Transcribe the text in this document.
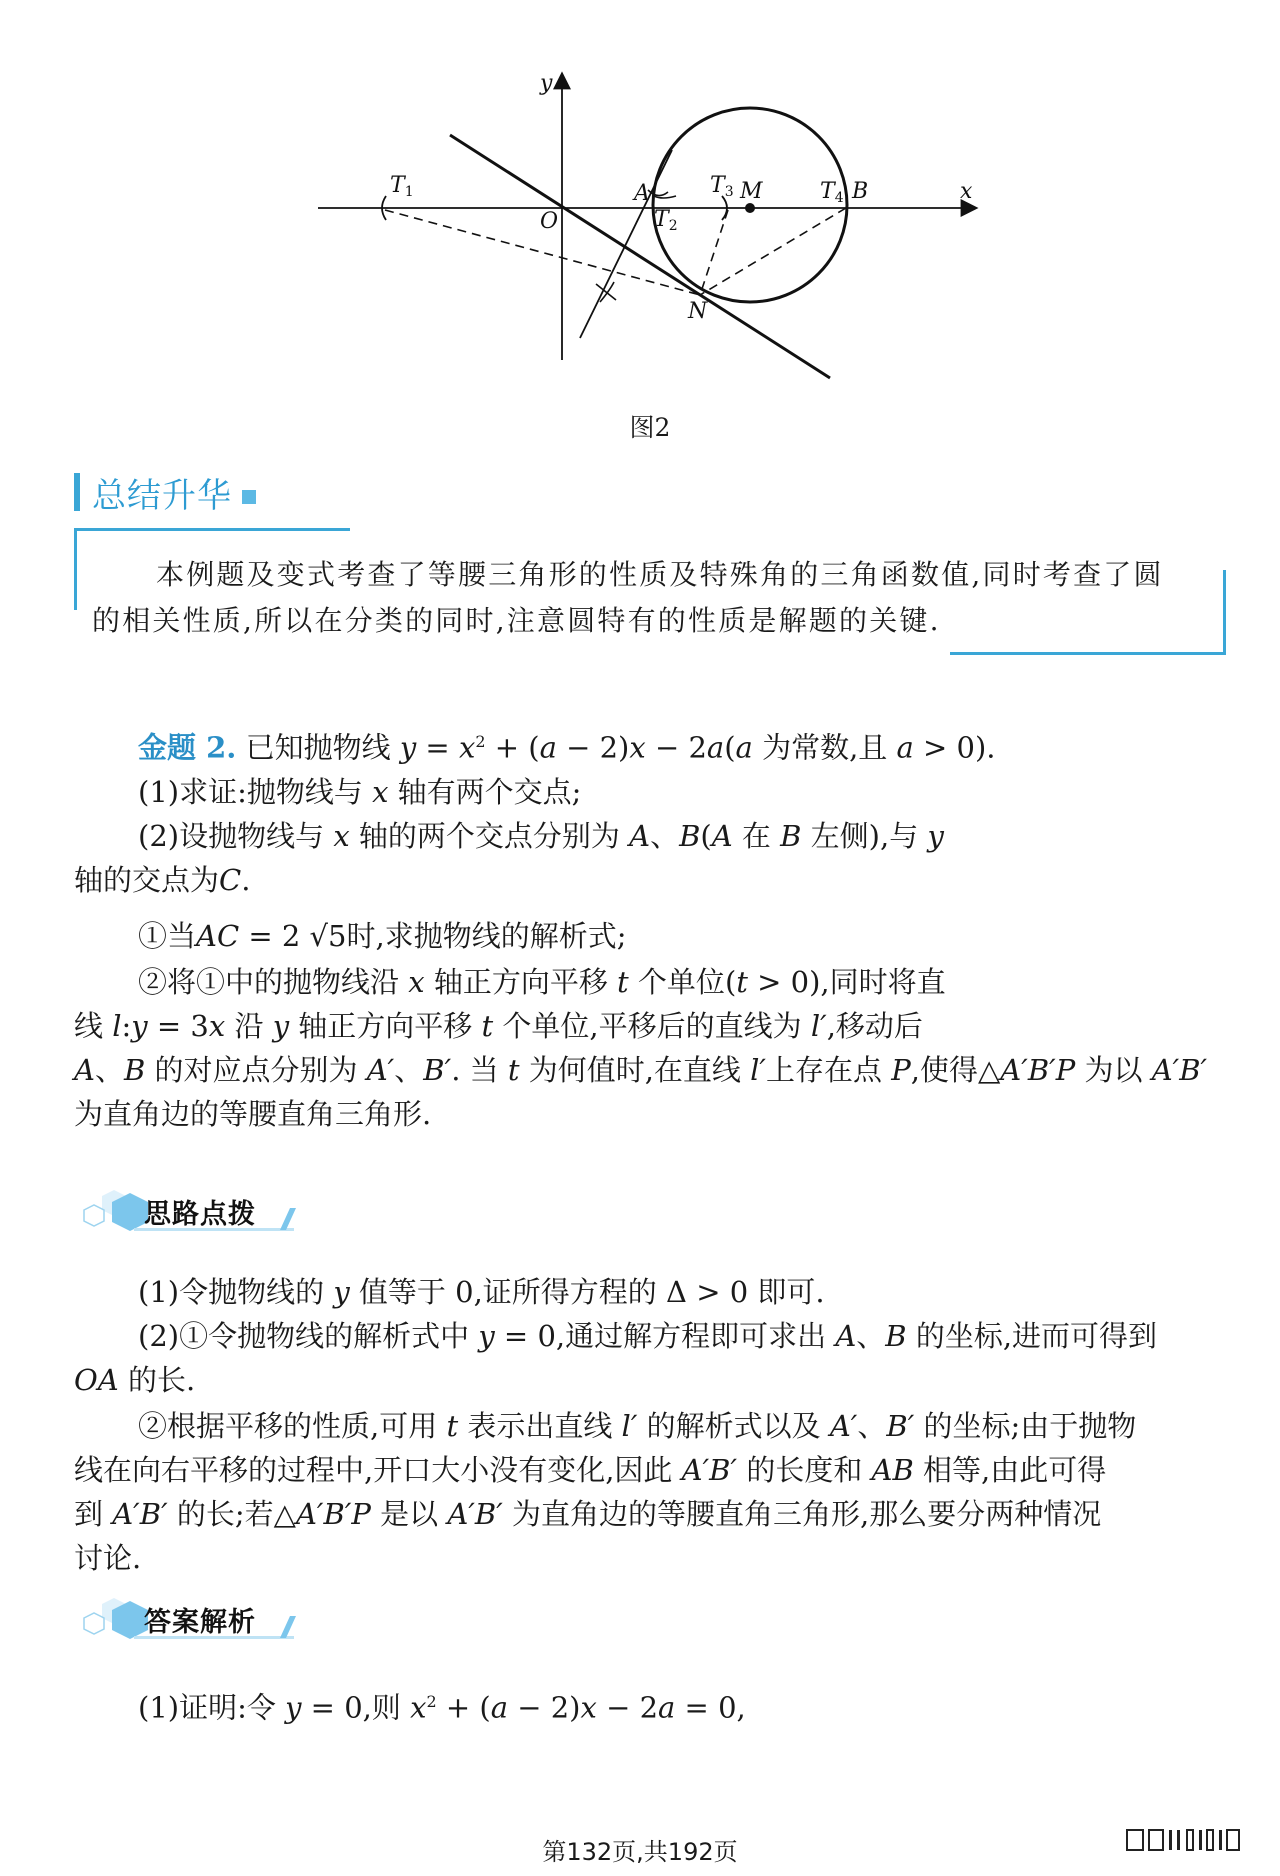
y
x
O
A	M	B
N
T1
T2
T3	T4
图2
总结升华
本例题及变式考查了等腰三角形的性质及特殊角的三角函数值,同时考查了圆
的相关性质,所以在分类的同时,注意圆特有的性质是解题的关键.

金题 2. 已知抛物线 $y = x^2 + (a - 2)x - 2a(a$ 为常数,且 a > 0).

(1)求证:抛物线与 x 轴有两个交点;

(2)设抛物线与 x 轴的两个交点分别为 A、B(A 在 B 左侧),与 y

轴的交点为C.

①当AC = 2 √5时,求抛物线的解析式;

②将①中的抛物线沿 x 轴正方向平移 t 个单位(t > 0),同时将直

线 l:y = 3x 沿 y 轴正方向平移 t 个单位,平移后的直线为 l′,移动后

A、B 的对应点分别为 A′、B′. 当 t 为何值时,在直线 l′上存在点 P,使得△A′B′P 为以 A′B′

为直角边的等腰直角三角形.

思路点拨

(1)令抛物线的 y 值等于 0,证所得方程的 Δ > 0 即可.

(2)①令抛物线的解析式中 y = 0,通过解方程即可求出 A、B 的坐标,进而可得到

OA 的长.

②根据平移的性质,可用 t 表示出直线 l′ 的解析式以及 A′、B′ 的坐标;由于抛物

线在向右平移的过程中,开口大小没有变化,因此 A′B′ 的长度和 AB 相等,由此可得

到 A′B′ 的长;若△A′B′P 是以 A′B′ 为直角边的等腰直角三角形,那么要分两种情况

讨论.

答案解析

(1)证明:令 y = 0,则 $x^2 + (a - 2)x - 2a = 0$,

第132页,共192页
